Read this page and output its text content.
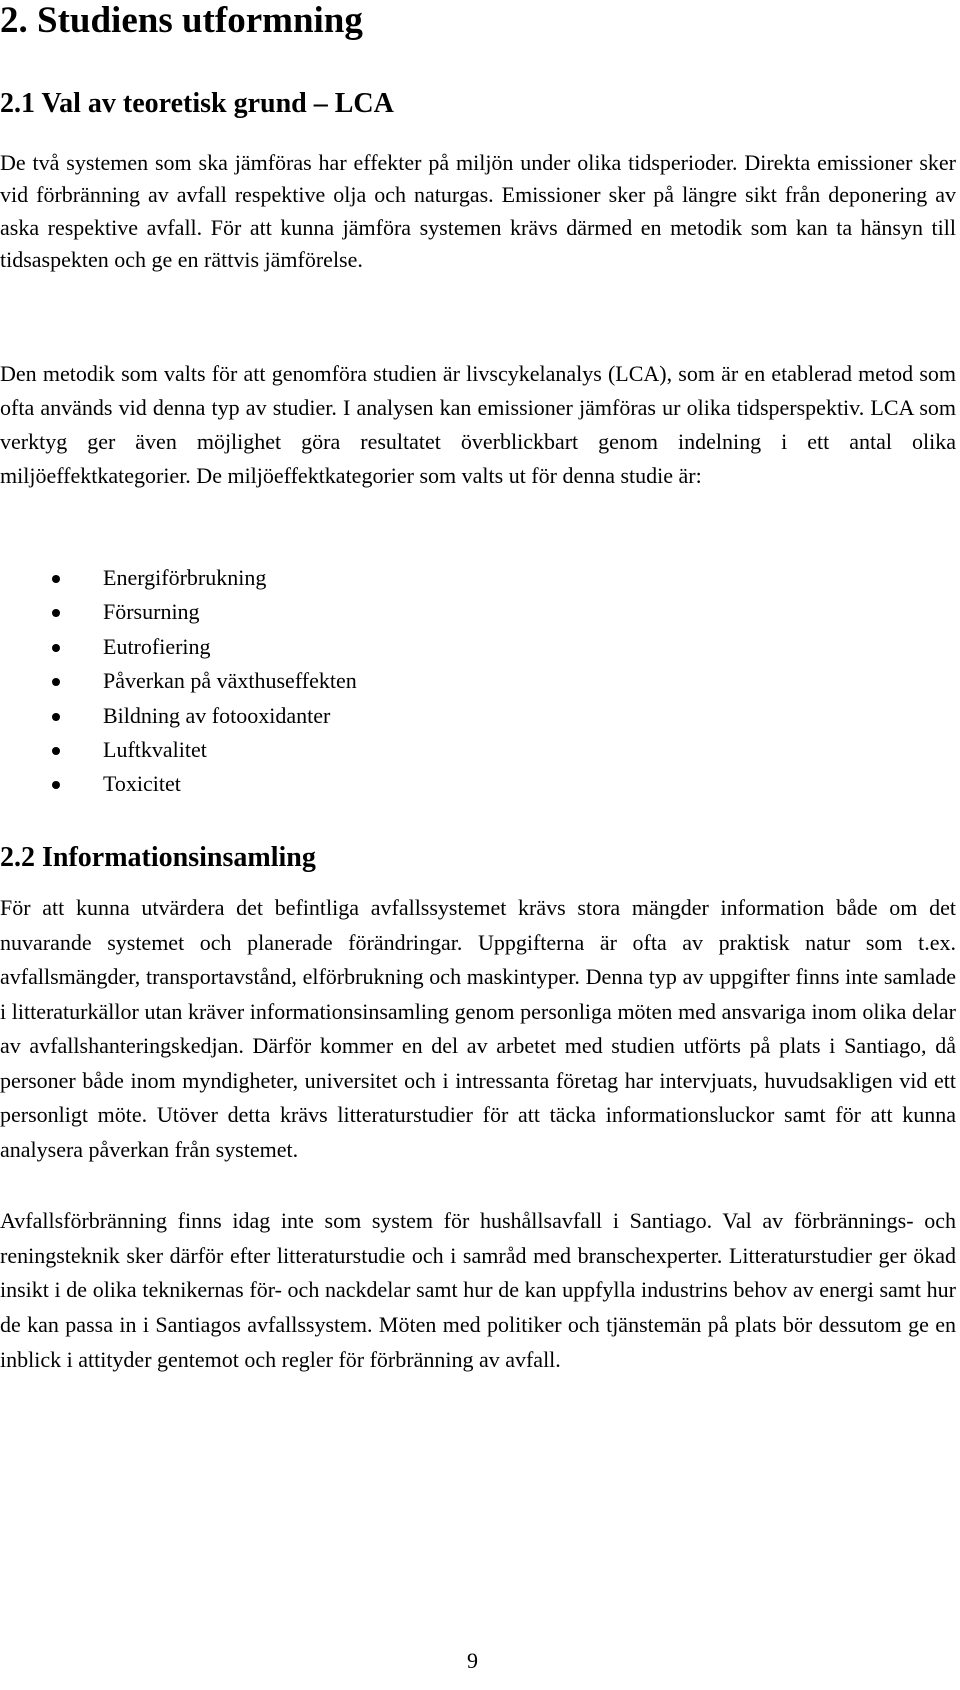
2. Studiens utformning
2.1 Val av teoretisk grund – LCA

De två systemen som ska jämföras har effekter på miljön under olika tidsperioder. Direkta emissioner sker vid förbränning av avfall respektive olja och naturgas. Emissioner sker på längre sikt från deponering av aska respektive avfall. För att kunna jämföra systemen krävs därmed en metodik som kan ta hänsyn till tidsaspekten och ge en rättvis jämförelse.

Den metodik som valts för att genomföra studien är livscykelanalys (LCA), som är en etablerad metod som ofta används vid denna typ av studier. I analysen kan emissioner jämföras ur olika tidsperspektiv. LCA som verktyg ger även möjlighet göra resultatet överblickbart genom indelning i ett antal olika miljöeffektkategorier. De miljöeffektkategorier som valts ut för denna studie är:

Energiförbrukning
Försurning
Eutrofiering
Påverkan på växthuseffekten
Bildning av fotooxidanter
Luftkvalitet
Toxicitet
2.2 Informationsinsamling

För att kunna utvärdera det befintliga avfallssystemet krävs stora mängder information både om det nuvarande systemet och planerade förändringar. Uppgifterna är ofta av praktisk natur som t.ex. avfallsmängder, transportavstånd, elförbrukning och maskintyper. Denna typ av uppgifter finns inte samlade i litteraturkällor utan kräver informationsinsamling genom personliga möten med ansvariga inom olika delar av avfallshanteringskedjan. Därför kommer en del av arbetet med studien utförts på plats i Santiago, då personer både inom myndigheter, universitet och i intressanta företag har intervjuats, huvudsakligen vid ett personligt möte. Utöver detta krävs litteraturstudier för att täcka informationsluckor samt för att kunna analysera påverkan från systemet.

Avfallsförbränning finns idag inte som system för hushållsavfall i Santiago. Val av förbrännings- och reningsteknik sker därför efter litteraturstudie och i samråd med branschexperter. Litteraturstudier ger ökad insikt i de olika teknikernas för- och nackdelar samt hur de kan uppfylla industrins behov av energi samt hur de kan passa in i Santiagos avfallssystem. Möten med politiker och tjänstemän på plats bör dessutom ge en inblick i attityder gentemot och regler för förbränning av avfall.

9
